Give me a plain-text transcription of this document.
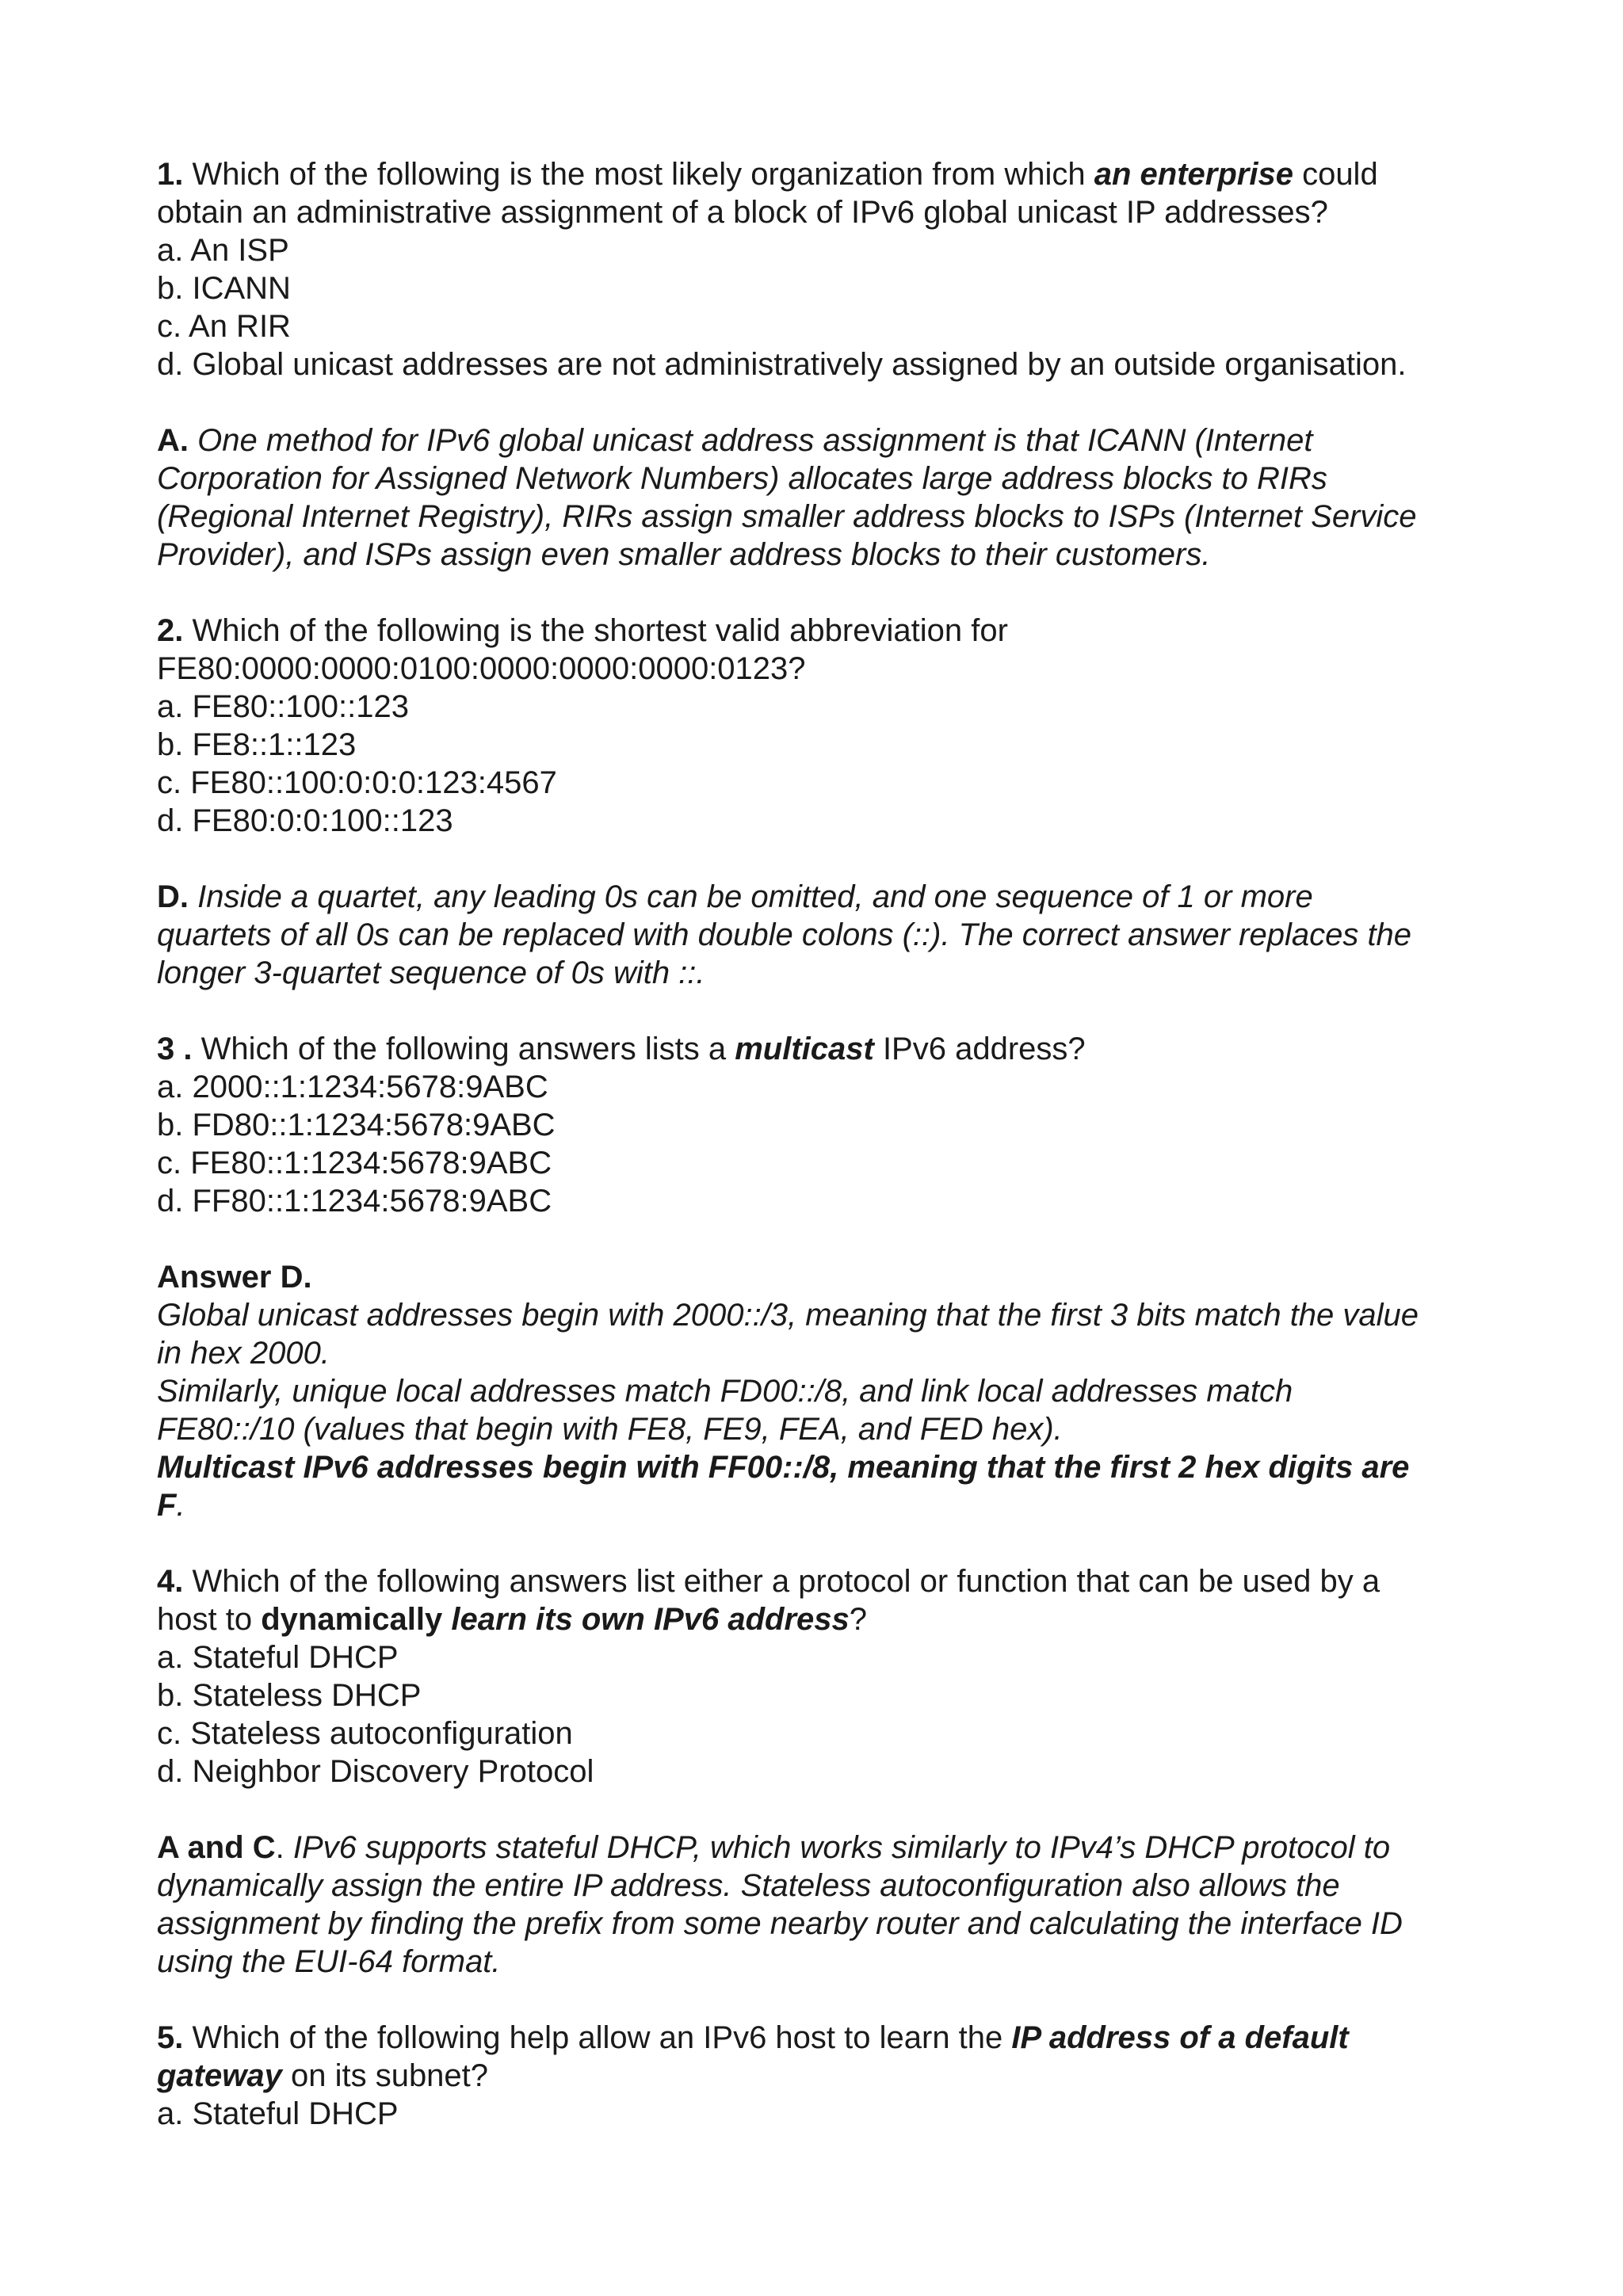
1. Which of the following is the most likely organization from which an enterprise could
obtain an administrative assignment of a block of IPv6 global unicast IP addresses?
a. An ISP
b. ICANN
c. An RIR
d. Global unicast addresses are not administratively assigned by an outside organisation.
A. One method for IPv6 global unicast address assignment is that ICANN (Internet
Corporation for Assigned Network Numbers) allocates large address blocks to RIRs
(Regional Internet Registry), RIRs assign smaller address blocks to ISPs (Internet Service
Provider), and ISPs assign even smaller address blocks to their customers.
2. Which of the following is the shortest valid abbreviation for
FE80:0000:0000:0100:0000:0000:0000:0123?
a. FE80::100::123
b. FE8::1::123
c. FE80::100:0:0:0:123:4567
d. FE80:0:0:100::123
D. Inside a quartet, any leading 0s can be omitted, and one sequence of 1 or more
quartets of all 0s can be replaced with double colons (::). The correct answer replaces the
longer 3-quartet sequence of 0s with ::.
3 . Which of the following answers lists a multicast IPv6 address?
a. 2000::1:1234:5678:9ABC
b. FD80::1:1234:5678:9ABC
c. FE80::1:1234:5678:9ABC
d. FF80::1:1234:5678:9ABC
Answer D.
Global unicast addresses begin with 2000::/3, meaning that the first 3 bits match the value
in hex 2000.
Similarly, unique local addresses match FD00::/8, and link local addresses match
FE80::/10 (values that begin with FE8, FE9, FEA, and FED hex).
Multicast IPv6 addresses begin with FF00::/8, meaning that the first 2 hex digits are
F.
4. Which of the following answers list either a protocol or function that can be used by a
host to dynamically learn its own IPv6 address?
a. Stateful DHCP
b. Stateless DHCP
c. Stateless autoconfiguration
d. Neighbor Discovery Protocol
A and C. IPv6 supports stateful DHCP, which works similarly to IPv4’s DHCP protocol to
dynamically assign the entire IP address. Stateless autoconfiguration also allows the
assignment by finding the prefix from some nearby router and calculating the interface ID
using the EUI-64 format.
5. Which of the following help allow an IPv6 host to learn the IP address of a default
gateway on its subnet?
a. Stateful DHCP
